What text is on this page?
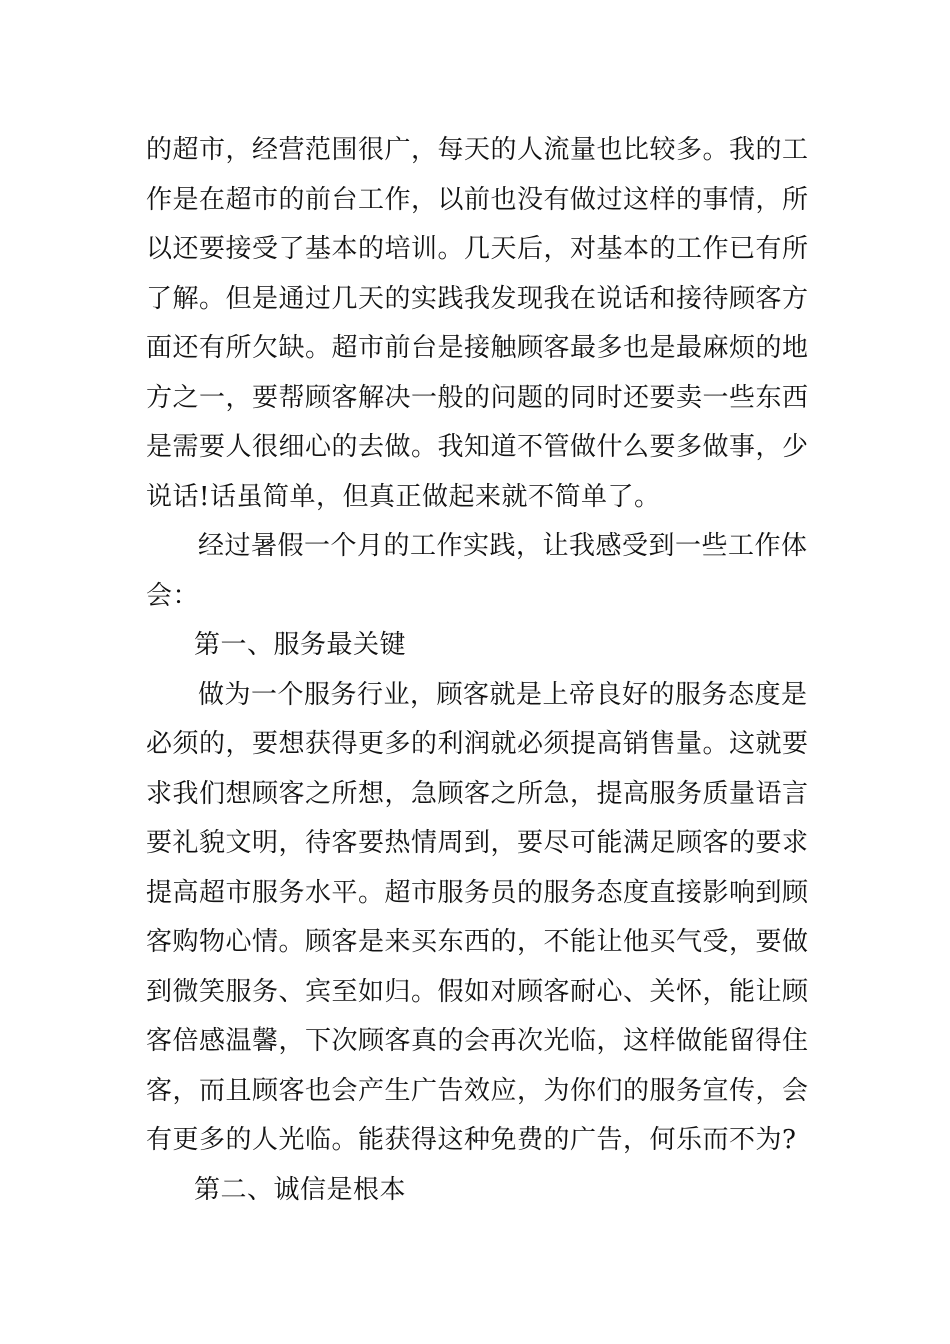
的超市，经营范围很广，每天的人流量也比较多。我的工
作是在超市的前台工作，以前也没有做过这样的事情，所
以还要接受了基本的培训。几天后，对基本的工作已有所
了解。但是通过几天的实践我发现我在说话和接待顾客方
面还有所欠缺。超市前台是接触顾客最多也是最麻烦的地
方之一，要帮顾客解决一般的问题的同时还要卖一些东西
是需要人很细心的去做。我知道不管做什么要多做事，少
说话!话虽简单，但真正做起来就不简单了。
经过暑假一个月的工作实践，让我感受到一些工作体
会：
第一、服务最关键
做为一个服务行业，顾客就是上帝良好的服务态度是
必须的，要想获得更多的利润就必须提高销售量。这就要
求我们想顾客之所想，急顾客之所急，提高服务质量语言
要礼貌文明，待客要热情周到，要尽可能满足顾客的要求
提高超市服务水平。超市服务员的服务态度直接影响到顾
客购物心情。顾客是来买东西的，不能让他买气受，要做
到微笑服务、宾至如归。假如对顾客耐心、关怀，能让顾
客倍感温馨，下次顾客真的会再次光临，这样做能留得住
客，而且顾客也会产生广告效应，为你们的服务宣传，会
有更多的人光临。能获得这种免费的广告，何乐而不为?
第二、诚信是根本
